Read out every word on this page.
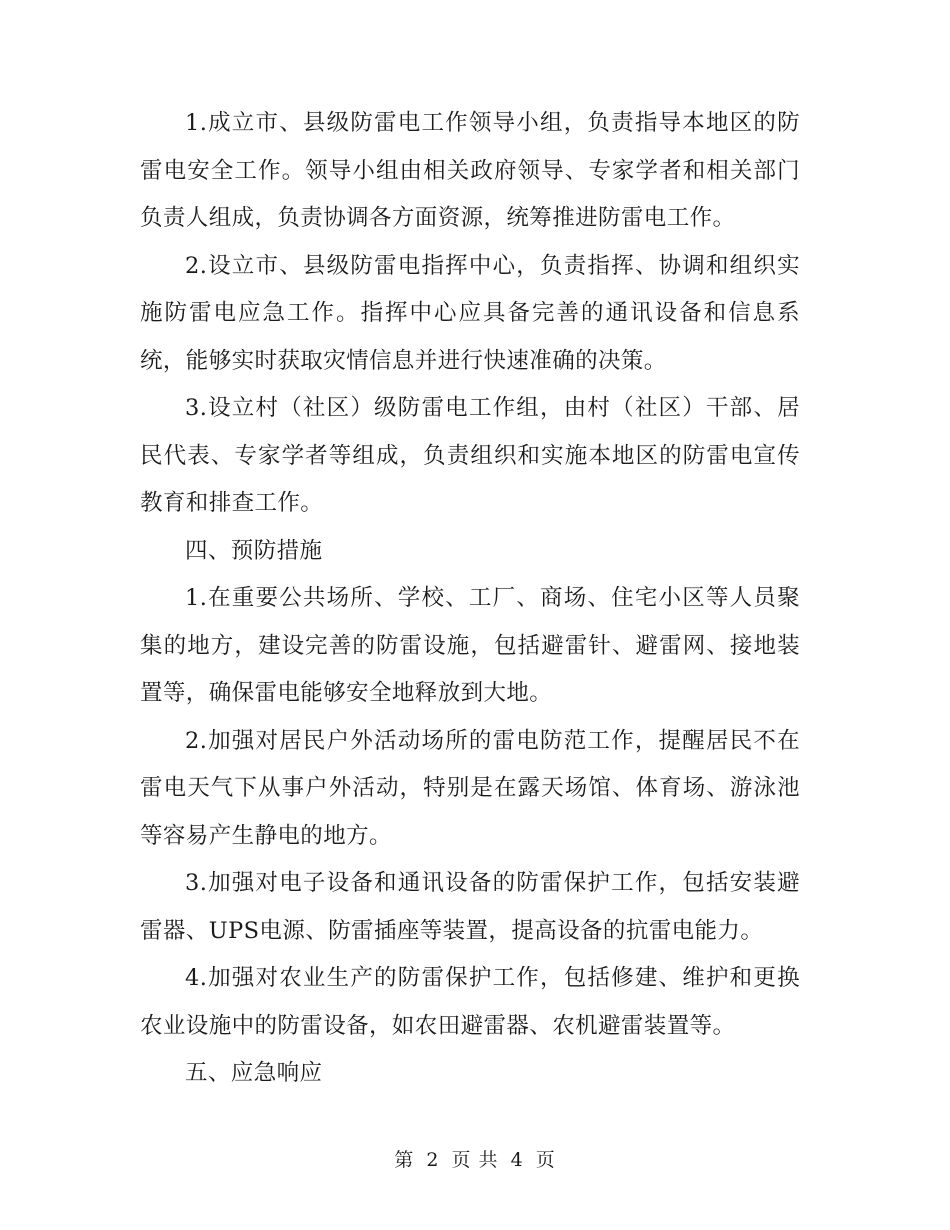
1.成立市、县级防雷电工作领导小组，负责指导本地区的防雷电安全工作。领导小组由相关政府领导、专家学者和相关部门负责人组成，负责协调各方面资源，统筹推进防雷电工作。

2.设立市、县级防雷电指挥中心，负责指挥、协调和组织实施防雷电应急工作。指挥中心应具备完善的通讯设备和信息系统，能够实时获取灾情信息并进行快速准确的决策。

3.设立村（社区）级防雷电工作组，由村（社区）干部、居民代表、专家学者等组成，负责组织和实施本地区的防雷电宣传教育和排查工作。

四、预防措施

1.在重要公共场所、学校、工厂、商场、住宅小区等人员聚集的地方，建设完善的防雷设施，包括避雷针、避雷网、接地装置等，确保雷电能够安全地释放到大地。

2.加强对居民户外活动场所的雷电防范工作，提醒居民不在雷电天气下从事户外活动，特别是在露天场馆、体育场、游泳池等容易产生静电的地方。

3.加强对电子设备和通讯设备的防雷保护工作，包括安装避雷器、UPS电源、防雷插座等装置，提高设备的抗雷电能力。

4.加强对农业生产的防雷保护工作，包括修建、维护和更换农业设施中的防雷设备，如农田避雷器、农机避雷装置等。

五、应急响应

第 2 页 共 4 页
